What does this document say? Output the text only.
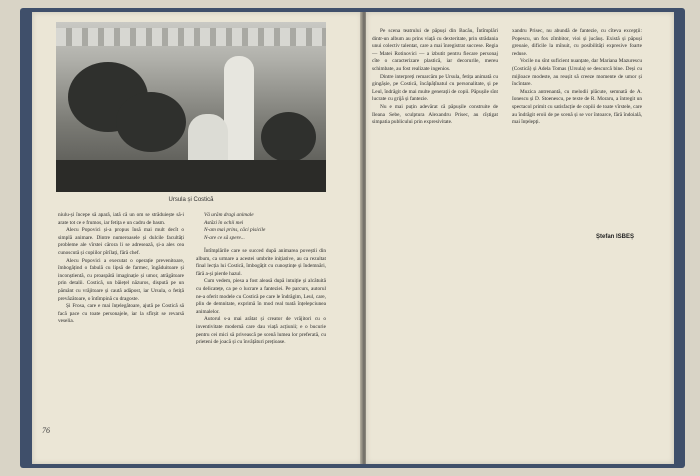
Ursula și Costică

niulu-și începe să apară, iată că un om se străduiește să-i arate tot ce e frumos, iar fetița e un cadru de basm.

Alecu Popovici și-a propus însă mai mult decît o simplă animare. Dintre numeroasele și dulcile facultăți probleme ale vîrstei cărora li se adresează, și-a ales cea cunoscută și copiilor pîrîlați, fără chef.

Alecu Popovici a executat o operație prevenitoare, îmbogățind o fabulă cu lipsă de farmec, îngăduitoare și inconștientă, cu proaspătă imaginație și umor, atrăgătoare prin detalii. Costică, un băiețel năzuros, dispută pe un pământ cu vrăjitoare și caută adăpost, iar Ursula, o fetiță prevăzătoare, o întîmpină cu dragoste.

Și Frosa, care e mai înțelegătoare, ajută pe Costică să facă pace cu toate personajele, iar la sfîrșit se revarsă veselia.

Vă urăm dragi animale
Astăzi în ochii mei
N-am mai prins, căci pisicile
N-are ce să spere...

Întîmplările care se succed după animarea poveștii din album, ca urmare a acestei umbrite inițiative, au ca rezultat final lecția lui Costică, îmbogățit cu cunoștințe și îndemnări, fără a-și pierde hazul.

Cum vedem, piesa a fost aleasă după intuiție și alcătuită cu delicatețe, ca pe o lucrare a fanteziei. Pe parcurs, autorul ne-a oferit modele cu Costică pe care le îndrăgim, Leul, care, plin de demnitate, exprimă în mod real toată înțelepciunea animalelor.

Autorul s-a mai arătat și creator de vrăjitori cu o inventivitate modernă care dau viață acțiunii; e o bucurie pentru cei mici să privească pe scenă lumea lor preferată, cu prieteni de joacă și cu învățături prețioase.

76

Pe scena teatrului de păpuși din Bacău, Întîmplări dintr-un album au prins viață cu dexteritate, prin strădania unui colectiv talentat, care a mai înregistrat succese. Regia — Matei Rotinovici — a izbutit pentru fiecare personaj cîte o caracterizare plastică, iar decorurile, mereu schimbate, au fost realizate ingenios.

Dintre interpreți remarcăm pe Ursula, fetița animată cu gingășie, pe Costică, încăpățînatul cu personalitate, și pe Leul, îndrăgit de mai multe generații de copii. Păpușile sînt lucrate cu grijă și fantezie.

Nu e mai puțin adevărat că păpușile construite de Ileana Sebe, sculptura Alexandru Prisec, au cîștigat simpatia publicului prin expresivitate.

xandru Prisec, nu abundă de fantezie, cu cîteva excepții: Popescu, un fox zîmbitor, vioi și jucăuș. Există și păpuși greoaie, dificile la mînuit, cu posibilități expresive foarte reduse.

Vocile nu sînt suficient nuanțate, dar Mariana Mazurescu (Costică) și Adela Tomas (Ursula) se descurcă bine. Deși cu mijloace modeste, au reușit să creeze momente de umor și încîntare.

Muzica antrenantă, cu melodii plăcute, semnată de A. Ionescu și D. Stoenescu, pe texte de R. Moraru, a întregit un spectacol primit cu satisfacție de copiii de toate vîrstele, care au îndrăgit eroii de pe scenă și se vor întoarce, fără îndoială, mai înțelepți.

Ștefan ISBEȘ
